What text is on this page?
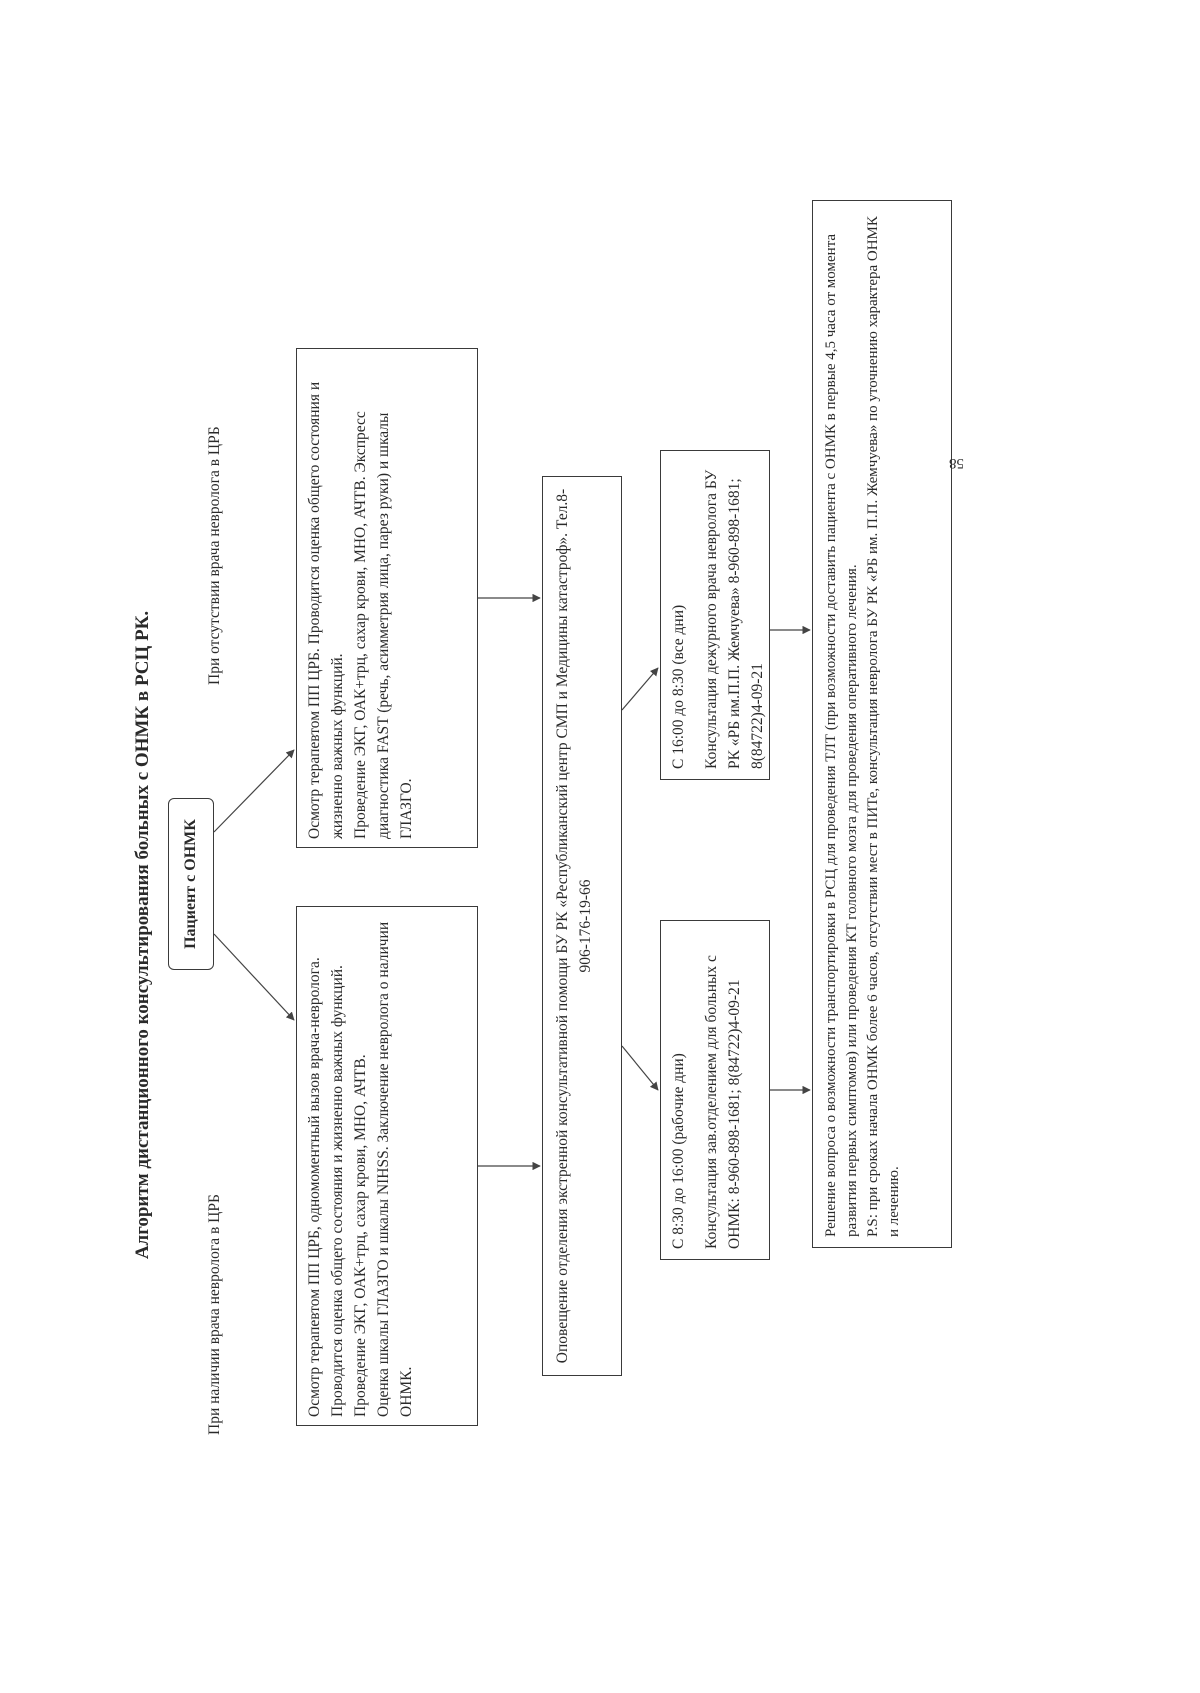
Алгоритм дистанционного консультирования больных с ОНМК в РСЦ РК.	Пациент с ОНМК
При наличии врача невролога в ЦРБ
При отсутствии врача невролога в ЦРБ

Осмотр терапевтом ПП ЦРБ, одномоментный вызов врача-невролога. Проводится оценка общего состояния и жизненно важных функций. Проведение ЭКГ, ОАК+трц, сахар крови, МНО, АЧТВ. Оценка шкалы ГЛАЗГО и шкалы NIHSS. Заключение невролога о наличии ОНМК.

Осмотр терапевтом ПП ЦРБ. Проводится оценка общего состояния и жизненно важных функций. Проведение ЭКГ, ОАК+трц, сахар крови, МНО, АЧТВ. Экспресс диагностика FAST (речь, асимметрия лица, парез руки) и шкалы ГЛАЗГО.	Оповещение отделения экстренной консультативной помощи БУ РК «Республиканский центр СМП и Медицины катастроф». Тел.8-906-176-19-66

С 8:30 до 16:00 (рабочие дни) Консультация зав.отделением для больных с ОНМК: 8-960-898-1681; 8(84722)4-09-21

С 16:00 до 8:30 (все дни) Консультация дежурного врача невролога БУ РК «РБ им.П.П. Жемчуева» 8-960-898-1681; 8(84722)4-09-21	Решение вопроса о возможности транспортировки в РСЦ для проведения ТЛТ (при возможности доставить пациента с ОНМК в первые 4,5 часа от момента развития первых симптомов) или проведения КТ головного мозга для проведения оперативного лечения. P.S: при сроках начала ОНМК более 6 часов, отсутствии мест в ПИТе, консультация невролога БУ РК «РБ им. П.П. Жемчуева» по уточнению характера ОНМК и лечению.

58
